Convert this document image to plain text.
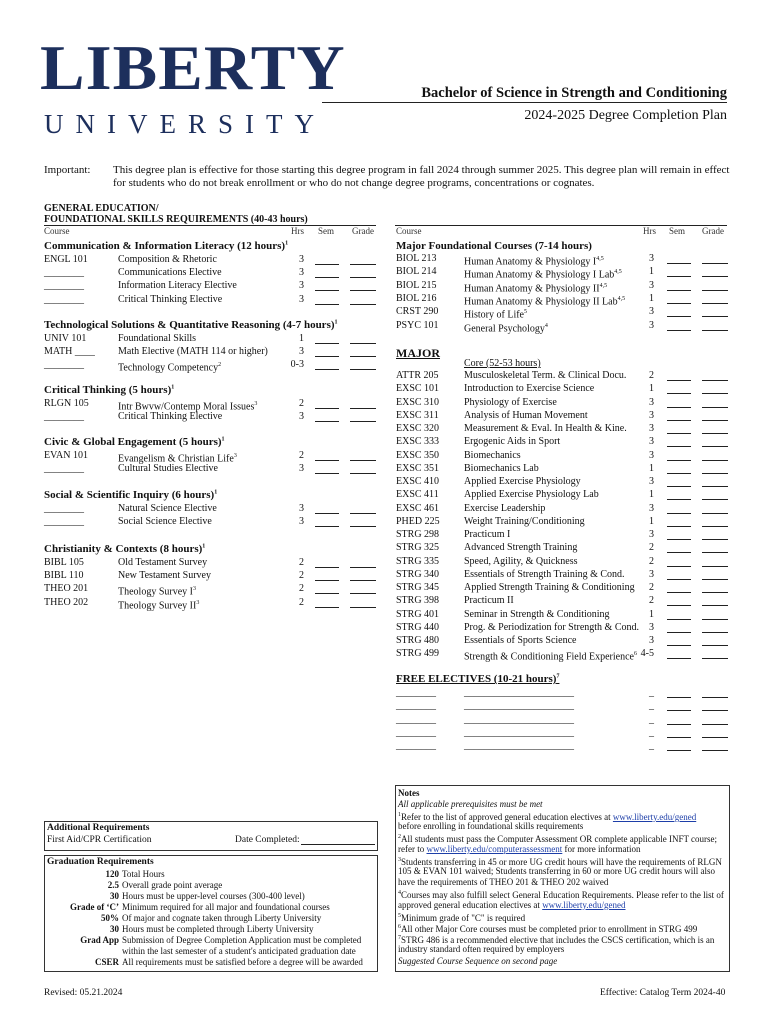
LIBERTY
UNIVERSITY
Bachelor of Science in Strength and Conditioning
2024-2025 Degree Completion Plan
Important: This degree plan is effective for those starting this degree program in fall 2024 through summer 2025. This degree plan will remain in effect for students who do not break enrollment or who do not change degree programs, concentrations or cognates.
GENERAL EDUCATION/
FOUNDATIONAL SKILLS REQUIREMENTS (40-43 hours)
Course	Hrs Sem Grade
Communication & Information Literacy (12 hours)$^1$
ENGL 101	Composition & Rhetoric	3
________	Communications Elective	3
________	Information Literacy Elective	3
________	Critical Thinking Elective	3
Technological Solutions & Quantitative Reasoning (4-7 hours)$^1$
UNIV 101	Foundational Skills	1
MATH ____ Math Elective (MATH 114 or higher)	3
________	Technology Competency$^2$	0-3
Critical Thinking (5 hours)$^1$
RLGN 105	Intr Bwvw/Contemp Moral Issues$^3$	2
________	Critical Thinking Elective	3
Civic & Global Engagement (5 hours)$^1$
EVAN 101	Evangelism & Christian Life$^3$	2
________	Cultural Studies Elective	3
Social & Scientific Inquiry (6 hours)$^1$
________	Natural Science Elective	3
________	Social Science Elective	3
Christianity & Contexts (8 hours)$^1$
BIBL 105	Old Testament Survey	2
BIBL 110	New Testament Survey	2
THEO 201	Theology Survey $I^3$	2
THEO 202	Theology Survey $II^3$	2
Course	Hrs Sem Grade
Major Foundational Courses (7-14 hours)
BIOL 213	Human Anatomy & Physiology I$^{4,5}$	3
BIOL 214	Human Anatomy & Physiology I Lab$^{4,5}$	1
BIOL 215	Human Anatomy & Physiology II$^{4,5}$	3
BIOL 216	Human Anatomy & Physiology II Lab$^{4,5}$	1
CRST 290	History of Life$^5$	3
PSYC 101	General Psychology$^4$	3
ATTR 205	Musculoskeletal Term. & Clinical Docu.	2
EXSC 101 Introduction to Exercise Science	1
EXSC 310 Physiology of Exercise	3
EXSC 311	Analysis of Human Movement	3
EXSC 320 Measurement & Eval. In Health & Kine.	3
EXSC 333 Ergogenic Aids in Sport	3
EXSC 350 Biomechanics	3
EXSC 351 Biomechanics Lab	1
EXSC 410 Applied Exercise Physiology	3
EXSC 411	Applied Exercise Physiology Lab	1
EXSC 461 Exercise Leadership	3
PHED 225 Weight Training/Conditioning	1
STRG 298 Practicum I	3
STRG 325 Advanced Strength Training	2
STRG 335 Speed, Agility, & Quickness	2
STRG 340 Essentials of Strength Training & Cond.	3
STRG 345 Applied Strength Training & Conditioning	2
STRG 398 Practicum II	2
STRG 401 Seminar in Strength & Conditioning	1
STRG 440 Prog. & Periodization for Strength & Cond.	3
STRG 480 Essentials of Sports Science	3
STRG 499 Strength & Conditioning Field Experience$^6$ 4-5
MAJOR
Core (52-53 hours)
FREE ELECTIVES (10-21 hours)$^7$
________	______________________	_
________	______________________	_
________	______________________	_
________	______________________	_
________	______________________	_
Additional Requirements
First Aid/CPR Certification	Date Completed:
Graduation Requirements
120 Total Hours
2.5 Overall grade point average
30 Hours must be upper-level courses (300-400 level)
Grade of ‘C’ Minimum required for all major and foundational courses
50% Of major and cognate taken through Liberty University
30 Hours must be completed through Liberty University
Grad App Submission of Degree Completion Application must be completed
within the last semester of a student's anticipated graduation date
CSER All requirements must be satisfied before a degree will be awarded
Notes
All applicable prerequisites must be met
$^1$Refer to the list of approved general education electives at www.liberty.edu/gened
before enrolling in foundational skills requirements
$^2$All students must pass the Computer Assessment OR complete applicable INFT course;
refer to www.liberty.edu/computerassessment for more information
$^3$Students transferring in 45 or more UG credit hours will have the requirements of RLGN
105 & EVAN 101 waived; Students transferring in 60 or more UG credit hours will also
have the requirements of THEO 201 & THEO 202 waived
$^4$Courses may also fulfill select General Education Requirements. Please refer to the list of
approved general education electives at www.liberty.edu/gened
$^5$Minimum grade of "C" is required
$^6$All other Major Core courses must be completed prior to enrollment in STRG 499
$^7$STRG 486 is a recommended elective that includes the CSCS certification, which is an
industry standard often required by employers
Suggested Course Sequence on second page
Revised: 05.21.2024	Effective: Catalog Term 2024-40
